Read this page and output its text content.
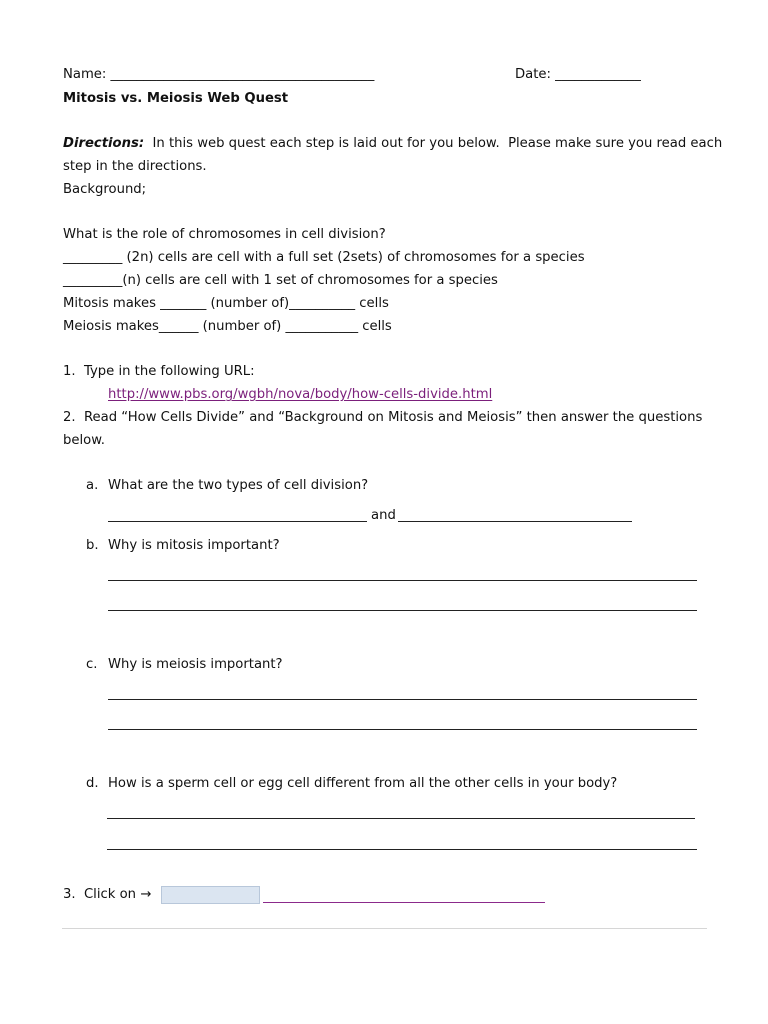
Name: ________________________________________	Date: _____________
Mitosis vs. Meiosis Web Quest
Directions:  In this web quest each step is laid out for you below.  Please make sure you read each
step in the directions.
Background;
What is the role of chromosomes in cell division?
_________ (2n) cells are cell with a full set (2sets) of chromosomes for a species
_________(n) cells are cell with 1 set of chromosomes for a species
Mitosis makes _______ (number of)__________ cells
Meiosis makes______ (number of) ___________ cells
1.  Type in the following URL:
http://www.pbs.org/wgbh/nova/body/how-cells-divide.html
2.  Read “How Cells Divide” and “Background on Mitosis and Meiosis” then answer the questions
below.
a. What are the two types of cell division?
and
b. Why is mitosis important?
c. Why is meiosis important?
d. How is a sperm cell or egg cell different from all the other cells in your body?
3.  Click on →
